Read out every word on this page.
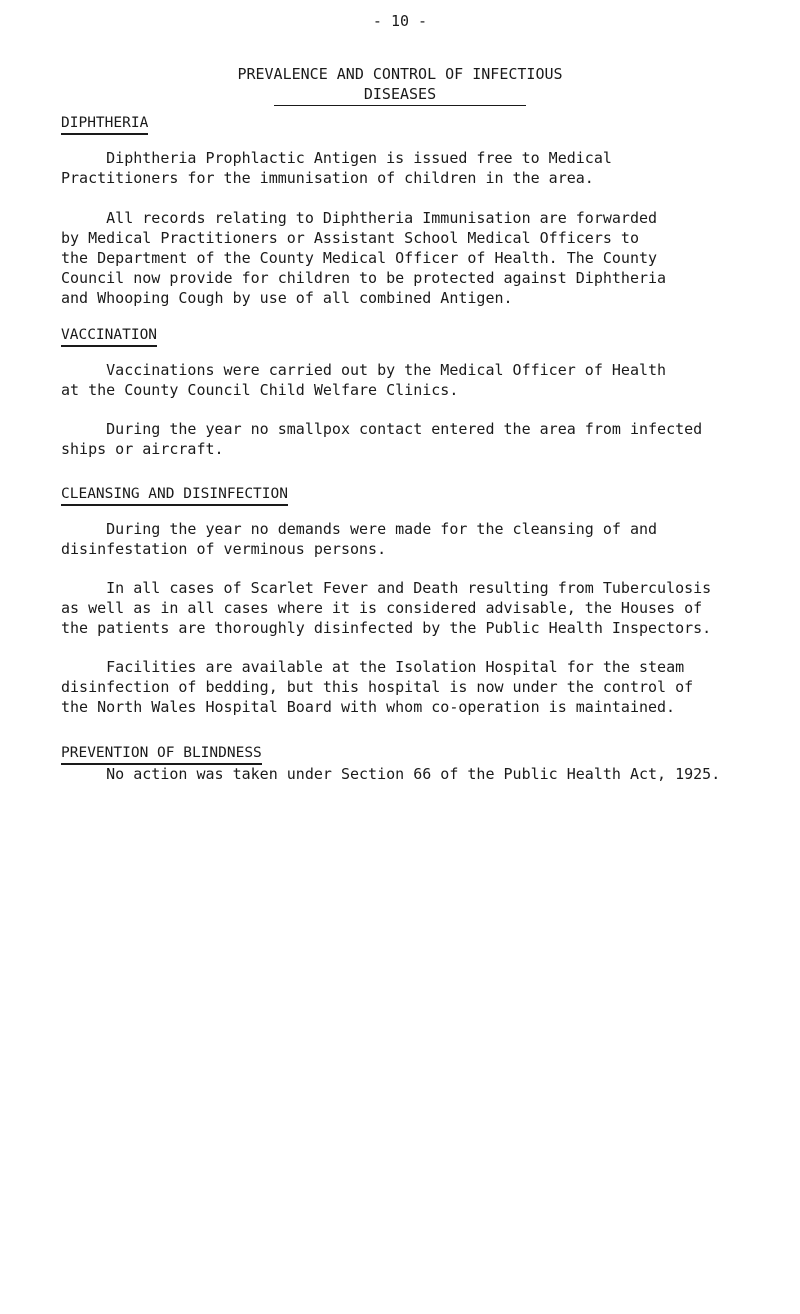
- 10 -
PREVALENCE AND CONTROL OF INFECTIOUS
DISEASES
DIPHTHERIA
Diphtheria Prophlactic Antigen is issued free to Medical
Practitioners for the immunisation of children in the area.
All records relating to Diphtheria Immunisation are forwarded
by Medical Practitioners or Assistant School Medical Officers to
the Department of the County Medical Officer of Health. The County
Council now provide for children to be protected against Diphtheria
and Whooping Cough by use of all combined Antigen.
VACCINATION
Vaccinations were carried out by the Medical Officer of Health
at the County Council Child Welfare Clinics.
During the year no smallpox contact entered the area from infected
ships or aircraft.
CLEANSING AND DISINFECTION
During the year no demands were made for the cleansing of and
disinfestation of verminous persons.
In all cases of Scarlet Fever and Death resulting from Tuberculosis
as well as in all cases where it is considered advisable, the Houses of
the patients are thoroughly disinfected by the Public Health Inspectors.
Facilities are available at the Isolation Hospital for the steam
disinfection of bedding, but this hospital is now under the control of
the North Wales Hospital Board with whom co-operation is maintained.
PREVENTION OF BLINDNESS
No action was taken under Section 66 of the Public Health Act, 1925.
